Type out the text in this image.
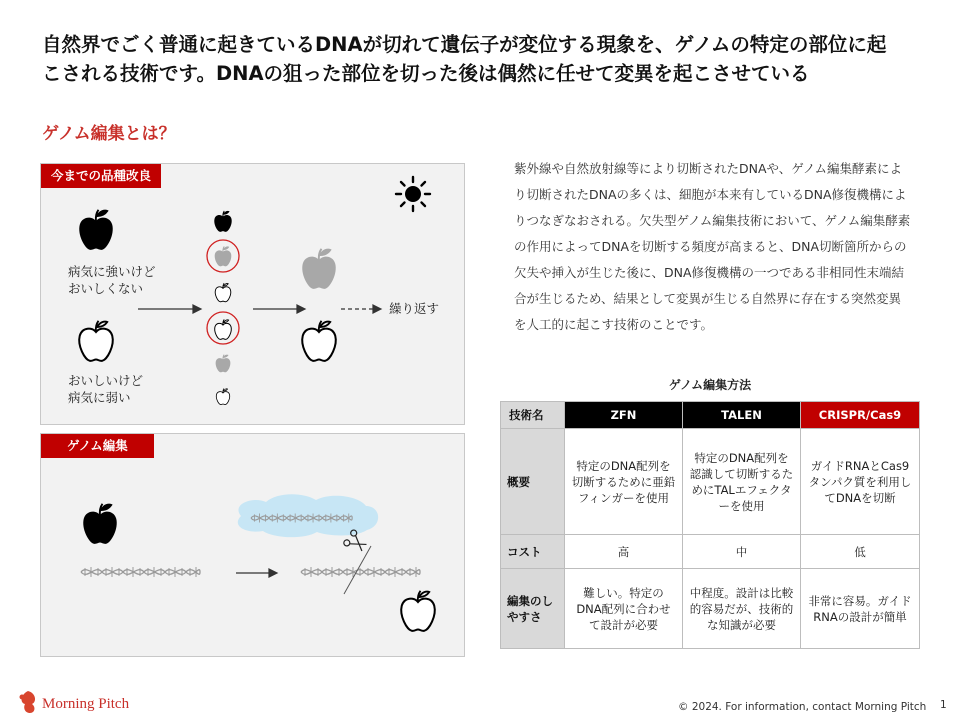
自然界でごく普通に起きているDNAが切れて遺伝子が変位する現象を、ゲノムの特定の部位に起
こされる技術です。DNAの狙った部位を切った後は偶然に任せて変異を起こさせている
ゲノム編集とは？
今までの品種改良
病気に強いけど
おいしくない
おいしいけど
病気に弱い
繰り返す
ゲノム編集
紫外線や自然放射線等により切断されたDNAや、ゲノム編集酵素により切断されたDNAの多くは、細胞が本来有しているDNA修復機構によりつなぎなおされる。欠失型ゲノム編集技術において、ゲノム編集酵素の作用によってDNAを切断する頻度が高まると、DNA切断箇所からの欠失や挿入が生じた後に、DNA修復機構の一つである非相同性末端結合が生じるため、結果として変異が生じる自然界に存在する突然変異を人工的に起こす技術のことです。
ゲノム編集方法
技術名	ZFN	TALEN	CRISPR/Cas9
概要	特定のDNA配列を切断するために亜鉛フィンガーを使用	特定のDNA配列を認識して切断するためにTALエフェクターを使用	ガイドRNAとCas9タンパク質を利用してDNAを切断
コスト	高	中	低
編集のしやすさ	難しい。特定のDNA配列に合わせて設計が必要	中程度。設計は比較的容易だが、技術的な知識が必要	非常に容易。ガイドRNAの設計が簡単
Morning Pitch	© 2024. For information, contact Morning Pitch 1
